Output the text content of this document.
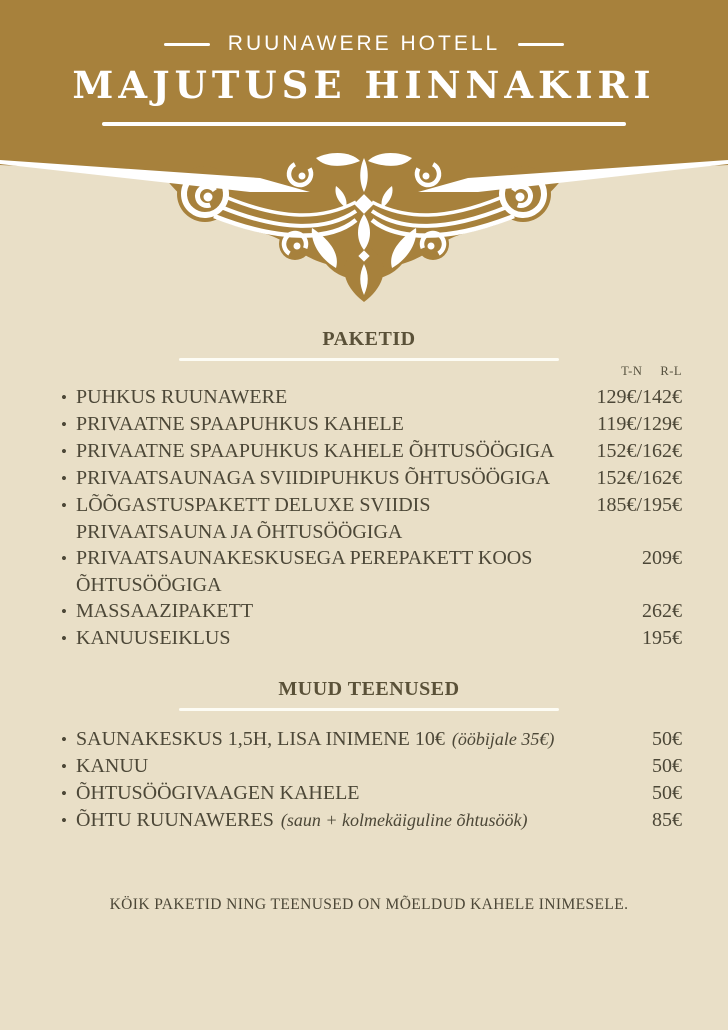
RUUNAWERE HOTELL
MAJUTUSE HINNAKIRI
PAKETID
T-N R-L
• PUHKUS RUUNAWERE	129€/142€
• PRIVAATNE SPAAPUHKUS KAHELE	119€/129€
• PRIVAATNE SPAAPUHKUS KAHELE ÕHTUSÖÖGIGA	152€/162€
• PRIVAATSAUNAGA SVIIDIPUHKUS ÕHTUSÖÖGIGA	152€/162€
• LÕÕGASTUSPAKETT DELUXE SVIIDIS	185€/195€
PRIVAATSAUNA JA ÕHTUSÖÖGIGA
• PRIVAATSAUNAKESKUSEGA PEREPAKETT KOOS	209€
ÕHTUSÖÖGIGA
• MASSAAZIPAKETT	262€
• KANUUSEIKLUS	195€
MUUD TEENUSED
• SAUNAKESKUS 1,5H, LISA INIMENE 10€ (ööbijale 35€)	50€
• KANUU	50€
• ÕHTUSÖÖGIVAAGEN KAHELE	50€
• ÕHTU RUUNAWERES (saun + kolmekäiguline õhtusöök)	85€

KÖIK PAKETID NING TEENUSED ON MÕELDUD KAHELE INIMESELE.
